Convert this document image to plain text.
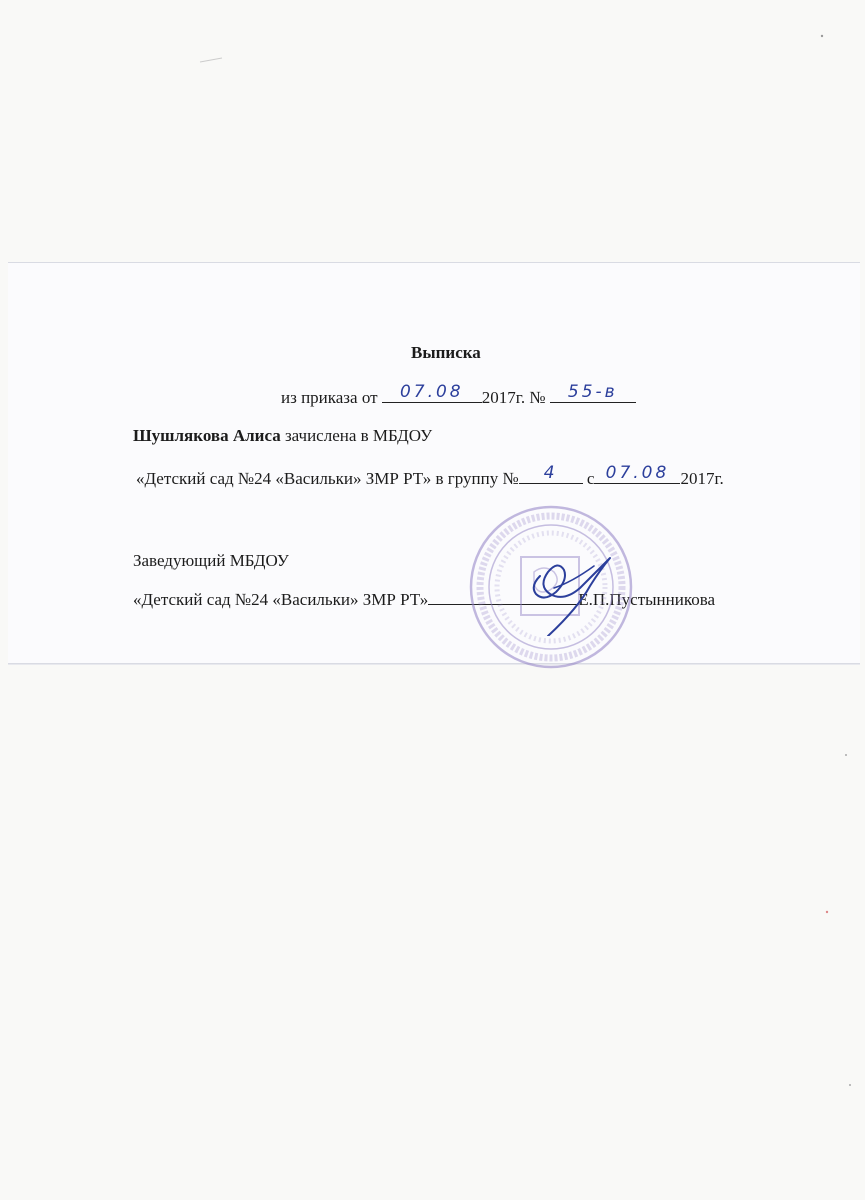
Выписка
из приказа от	07.08	2017г. №	55-в
Шушлякова Алиса зачислена в МБДОУ
«Детский сад №24 «Васильки» ЗМР РТ» в группу №	4	с 07.08 2017г.
Заведующий МБДОУ
«Детский сад №24 «Васильки» ЗМР РТ»	Е.П.Пустынникова
